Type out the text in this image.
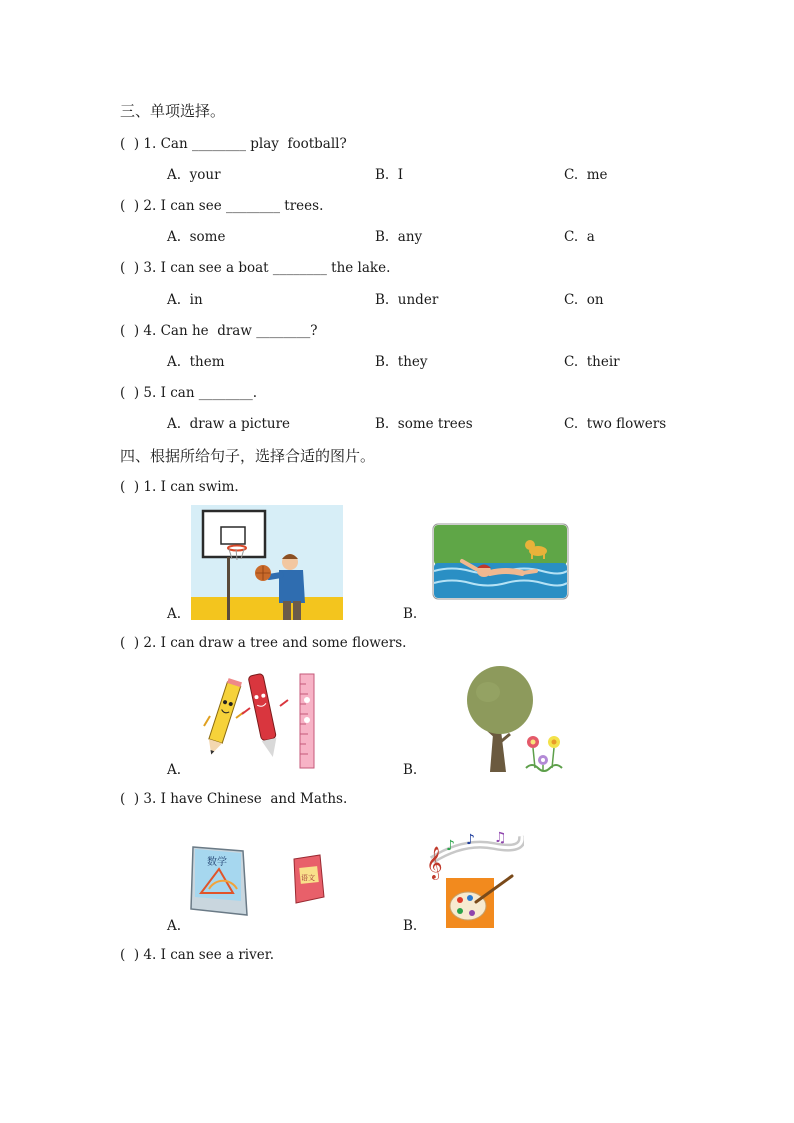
三、单项选择。
(  ) 1. Can ________ play  football?
A.  your	B.  I	C.  me
(  ) 2. I can see ________ trees.
A.  some	B.  any	C.  a
(  ) 3. I can see a boat ________ the lake.
A.  in	B.  under	C.  on
(  ) 4. Can he  draw ________?
A.  them	B.  they	C.  their
(  ) 5. I can ________.
A.  draw a picture	B.  some trees	C.  two flowers
四、根据所给句子，选择合适的图片。
(  ) 1. I can swim.
A.	B.
(  ) 2. I can draw a tree and some flowers.
A.	B.
(  ) 3. I have Chinese  and Maths.
A.
数学
语文
B.
𝄞 ♪ ♪ ♫
(  ) 4. I can see a river.
